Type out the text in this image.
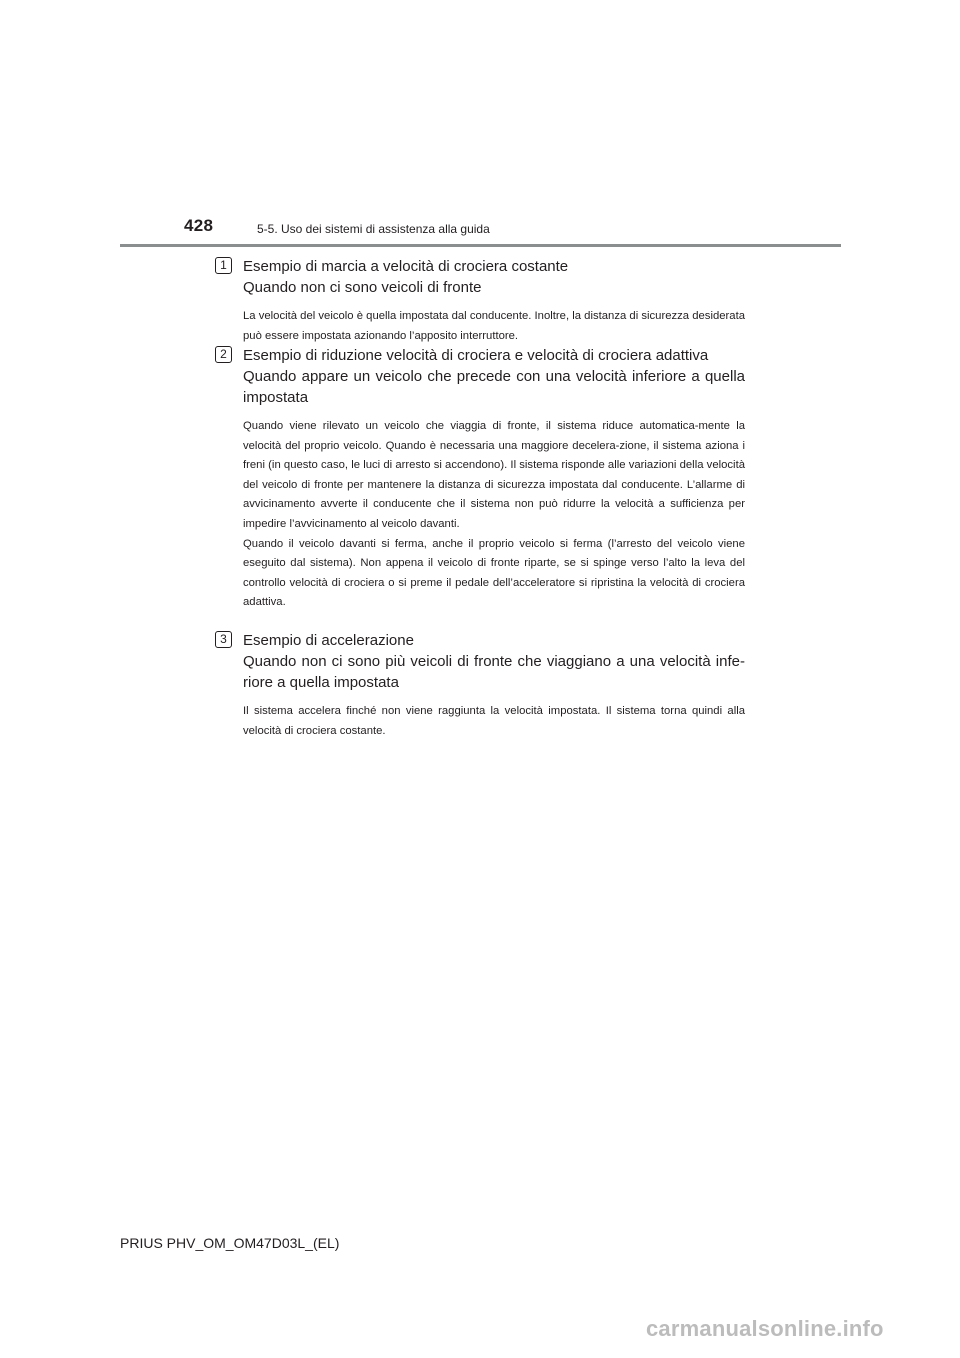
428	5-5. Uso dei sistemi di assistenza alla guida
1	Esempio di marcia a velocità di crociera costante
Quando non ci sono veicoli di fronte

La velocità del veicolo è quella impostata dal conducente. Inoltre, la distanza di sicurezza desiderata può essere impostata azionando l’apposito interruttore.

2	Esempio di riduzione velocità di crociera e velocità di crociera adattiva
Quando appare un veicolo che precede con una velocità inferiore a quella impostata

Quando viene rilevato un veicolo che viaggia di fronte, il sistema riduce automatica-mente la velocità del proprio veicolo. Quando è necessaria una maggiore decelera-zione, il sistema aziona i freni (in questo caso, le luci di arresto si accendono). Il sistema risponde alle variazioni della velocità del veicolo di fronte per mantenere la distanza di sicurezza impostata dal conducente. L’allarme di avvicinamento avverte il conducente che il sistema non può ridurre la velocità a sufficienza per impedire l’avvicinamento al veicolo davanti.

Quando il veicolo davanti si ferma, anche il proprio veicolo si ferma (l’arresto del veicolo viene eseguito dal sistema). Non appena il veicolo di fronte riparte, se si spinge verso l’alto la leva del controllo velocità di crociera o si preme il pedale dell’acceleratore si ripristina la velocità di crociera adattiva.

3	Esempio di accelerazione
Quando non ci sono più veicoli di fronte che viaggiano a una velocità infe-riore a quella impostata

Il sistema accelera finché non viene raggiunta la velocità impostata. Il sistema torna quindi alla velocità di crociera costante.

PRIUS PHV_OM_OM47D03L_(EL)
carmanualsonline.info
